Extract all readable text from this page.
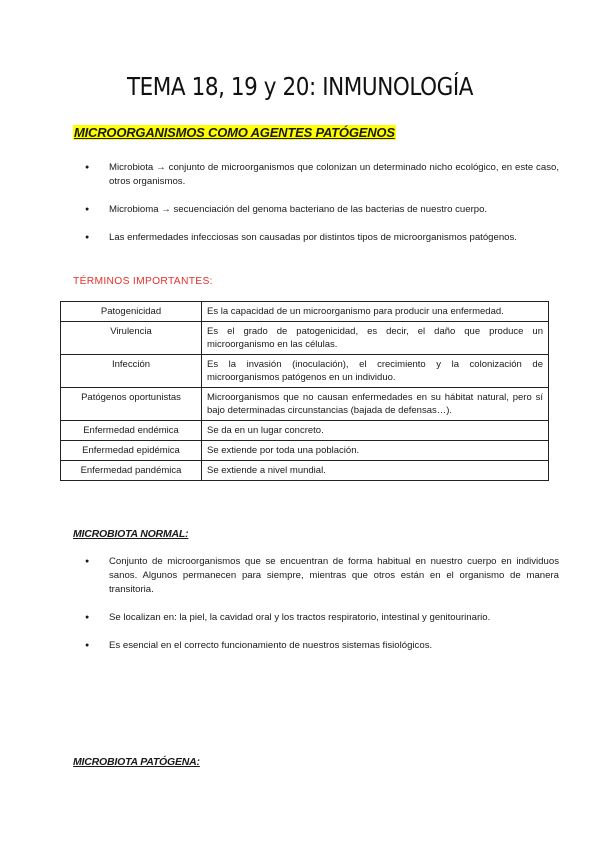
TEMA 18, 19 y 20: INMUNOLOGÍA
MICROORGANISMOS COMO AGENTES PATÓGENOS
● Microbiota → conjunto de microorganismos que colonizan un determinado nicho ecológico, en este caso, otros organismos.
● Microbioma → secuenciación del genoma bacteriano de las bacterias de nuestro cuerpo.
● Las enfermedades infecciosas son causadas por distintos tipos de microorganismos patógenos.
TÉRMINOS IMPORTANTES:
Patogenicidad	Es la capacidad de un microorganismo para producir una enfermedad.
Virulencia	Es el grado de patogenicidad, es decir, el daño que produce un microorganismo en las células.
Infección	Es la invasión (inoculación), el crecimiento y la colonización de microorganismos patógenos en un individuo.
Patógenos oportunistas	Microorganismos que no causan enfermedades en su hábitat natural, pero sí bajo determinadas circunstancias (bajada de defensas…).
Enfermedad endémica	Se da en un lugar concreto.
Enfermedad epidémica	Se extiende por toda una población.
Enfermedad pandémica	Se extiende a nivel mundial.
MICROBIOTA NORMAL:
● Conjunto de microorganismos que se encuentran de forma habitual en nuestro cuerpo en individuos sanos. Algunos permanecen para siempre, mientras que otros están en el organismo de manera transitoria.
● Se localizan en: la piel, la cavidad oral y los tractos respiratorio, intestinal y genitourinario.
● Es esencial en el correcto funcionamiento de nuestros sistemas fisiológicos.
MICROBIOTA PATÓGENA:
